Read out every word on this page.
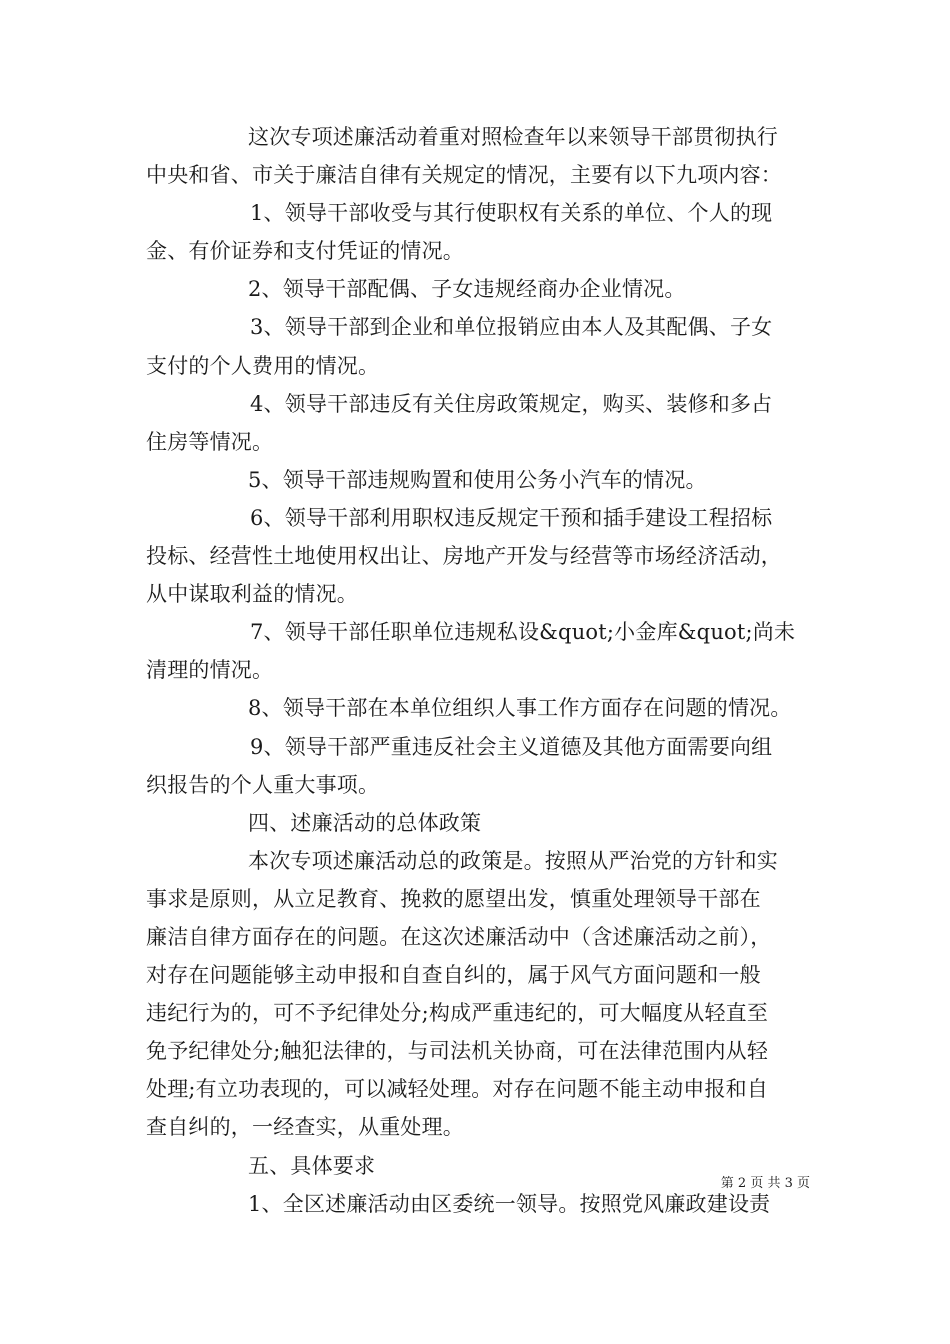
这次专项述廉活动着重对照检查年以来领导干部贯彻执行
中央和省、市关于廉洁自律有关规定的情况，主要有以下九项内容：
1、领导干部收受与其行使职权有关系的单位、个人的现
金、有价证券和支付凭证的情况。
2、领导干部配偶、子女违规经商办企业情况。
3、领导干部到企业和单位报销应由本人及其配偶、子女
支付的个人费用的情况。
4、领导干部违反有关住房政策规定，购买、装修和多占
住房等情况。
5、领导干部违规购置和使用公务小汽车的情况。
6、领导干部利用职权违反规定干预和插手建设工程招标
投标、经营性土地使用权出让、房地产开发与经营等市场经济活动，
从中谋取利益的情况。
7、领导干部任职单位违规私设&quot;小金库&quot;尚未
清理的情况。
8、领导干部在本单位组织人事工作方面存在问题的情况。
9、领导干部严重违反社会主义道德及其他方面需要向组
织报告的个人重大事项。
四、述廉活动的总体政策
本次专项述廉活动总的政策是。按照从严治党的方针和实
事求是原则，从立足教育、挽救的愿望出发，慎重处理领导干部在
廉洁自律方面存在的问题。在这次述廉活动中（含述廉活动之前），
对存在问题能够主动申报和自查自纠的，属于风气方面问题和一般
违纪行为的，可不予纪律处分;构成严重违纪的，可大幅度从轻直至
免予纪律处分;触犯法律的，与司法机关协商，可在法律范围内从轻
处理;有立功表现的，可以减轻处理。对存在问题不能主动申报和自
查自纠的，一经查实，从重处理。
五、具体要求
1、全区述廉活动由区委统一领导。按照党风廉政建设责
第 2 页 共 3 页
